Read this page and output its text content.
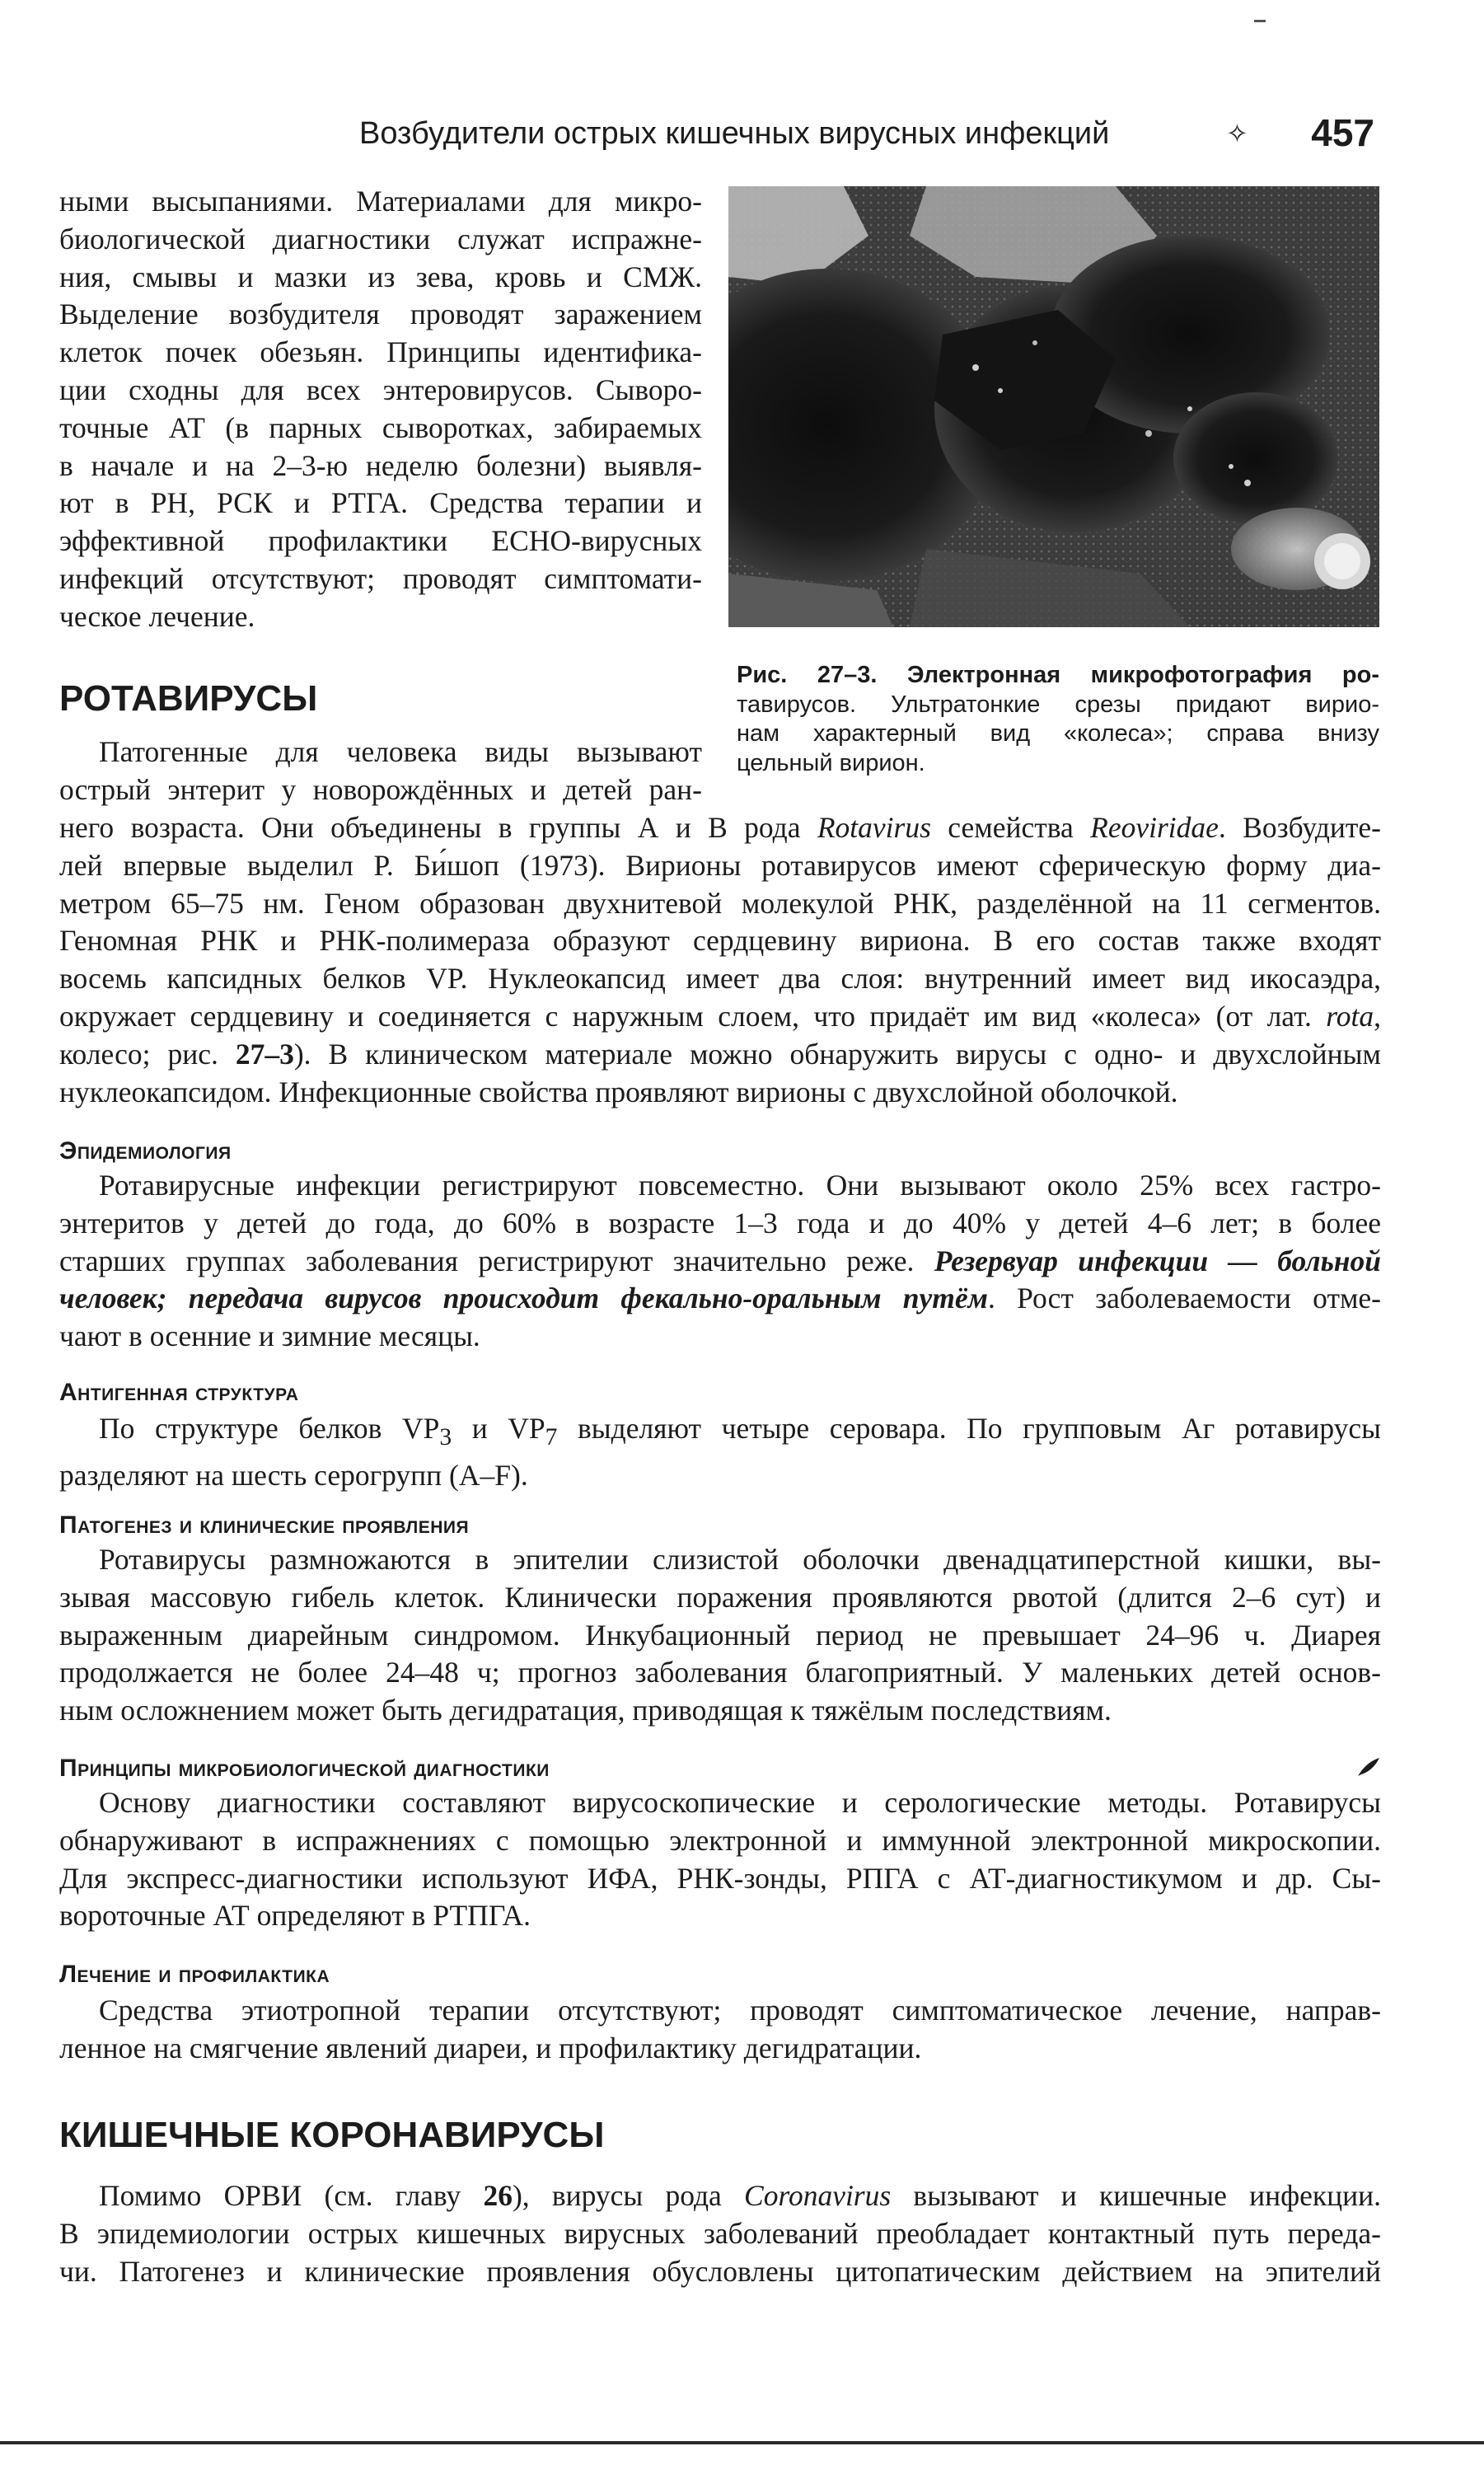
Возбудители острых кишечных вирусных инфекций	✧ 457

ными высыпаниями. Материалами для микро-
биологической диагностики служат испражне-
ния, смывы и мазки из зева, кровь и СМЖ.
Выделение возбудителя проводят заражением
клеток почек обезьян. Принципы идентифика-
ции сходны для всех энтеровирусов. Сыворо-
точные АТ (в парных сыворотках, забираемых
в начале и на 2–3-ю неделю болезни) выявля-
ют в РН, РСК и РТГА. Средства терапии и
эффективной профилактики ECHO-вирусных
инфекций отсутствуют; проводят симптомати-
ческое лечение.

Рис. 27–3. Электронная микрофотография ро-
тавирусов. Ультратонкие срезы придают вирио-
нам характерный вид «колеса»; справа внизу
цельный вирион.
РОТАВИРУСЫ

Патогенные для человека виды вызывают
острый энтерит у новорождённых и детей ран-

него возраста. Они объединены в группы А и В рода Rotavirus семейства Reoviridae. Возбудите-
лей впервые выделил Р. Би́шоп (1973). Вирионы ротавирусов имеют сферическую форму диа-
метром 65–75 нм. Геном образован двухнитевой молекулой РНК, разделённой на 11 сегментов.
Геномная РНК и РНК-полимераза образуют сердцевину вириона. В его состав также входят
восемь капсидных белков VP. Нуклеокапсид имеет два слоя: внутренний имеет вид икосаэдра,
окружает сердцевину и соединяется с наружным слоем, что придаёт им вид «колеса» (от лат. rota,
колесо; рис. 27–3). В клиническом материале можно обнаружить вирусы с одно- и двухслойным
нуклеокапсидом. Инфекционные свойства проявляют вирионы с двухслойной оболочкой.

Эпидемиология

Ротавирусные инфекции регистрируют повсеместно. Они вызывают около 25% всех гастро-
энтеритов у детей до года, до 60% в возрасте 1–3 года и до 40% у детей 4–6 лет; в более
старших группах заболевания регистрируют значительно реже. Резервуар инфекции — больной
человек; передача вирусов происходит фекально-оральным путём. Рост заболеваемости отме-
чают в осенние и зимние месяцы.

Антигенная структура

По структуре белков $VP_3$ и $VP_7$ выделяют четыре серовара. По групповым Аг ротавирусы
разделяют на шесть серогрупп (A–F).

Патогенез и клинические проявления

Ротавирусы размножаются в эпителии слизистой оболочки двенадцатиперстной кишки, вы-
зывая массовую гибель клеток. Клинически поражения проявляются рвотой (длится 2–6 сут) и
выраженным диарейным синдромом. Инкубационный период не превышает 24–96 ч. Диарея
продолжается не более 24–48 ч; прогноз заболевания благоприятный. У маленьких детей основ-
ным осложнением может быть дегидратация, приводящая к тяжёлым последствиям.

Принципы микробиологической диагностики

Основу диагностики составляют вирусоскопические и серологические методы. Ротавирусы
обнаруживают в испражнениях с помощью электронной и иммунной электронной микроскопии.
Для экспресс-диагностики используют ИФА, РНК-зонды, РПГА с АТ-диагностикумом и др. Сы-
вороточные АТ определяют в РТПГА.

Лечение и профилактика

Средства этиотропной терапии отсутствуют; проводят симптоматическое лечение, направ-
ленное на смягчение явлений диареи, и профилактику дегидратации.

КИШЕЧНЫЕ КОРОНАВИРУСЫ

Помимо ОРВИ (см. главу 26), вирусы рода Coronavirus вызывают и кишечные инфекции.
В эпидемиологии острых кишечных вирусных заболеваний преобладает контактный путь переда-
чи. Патогенез и клинические проявления обусловлены цитопатическим действием на эпителий
